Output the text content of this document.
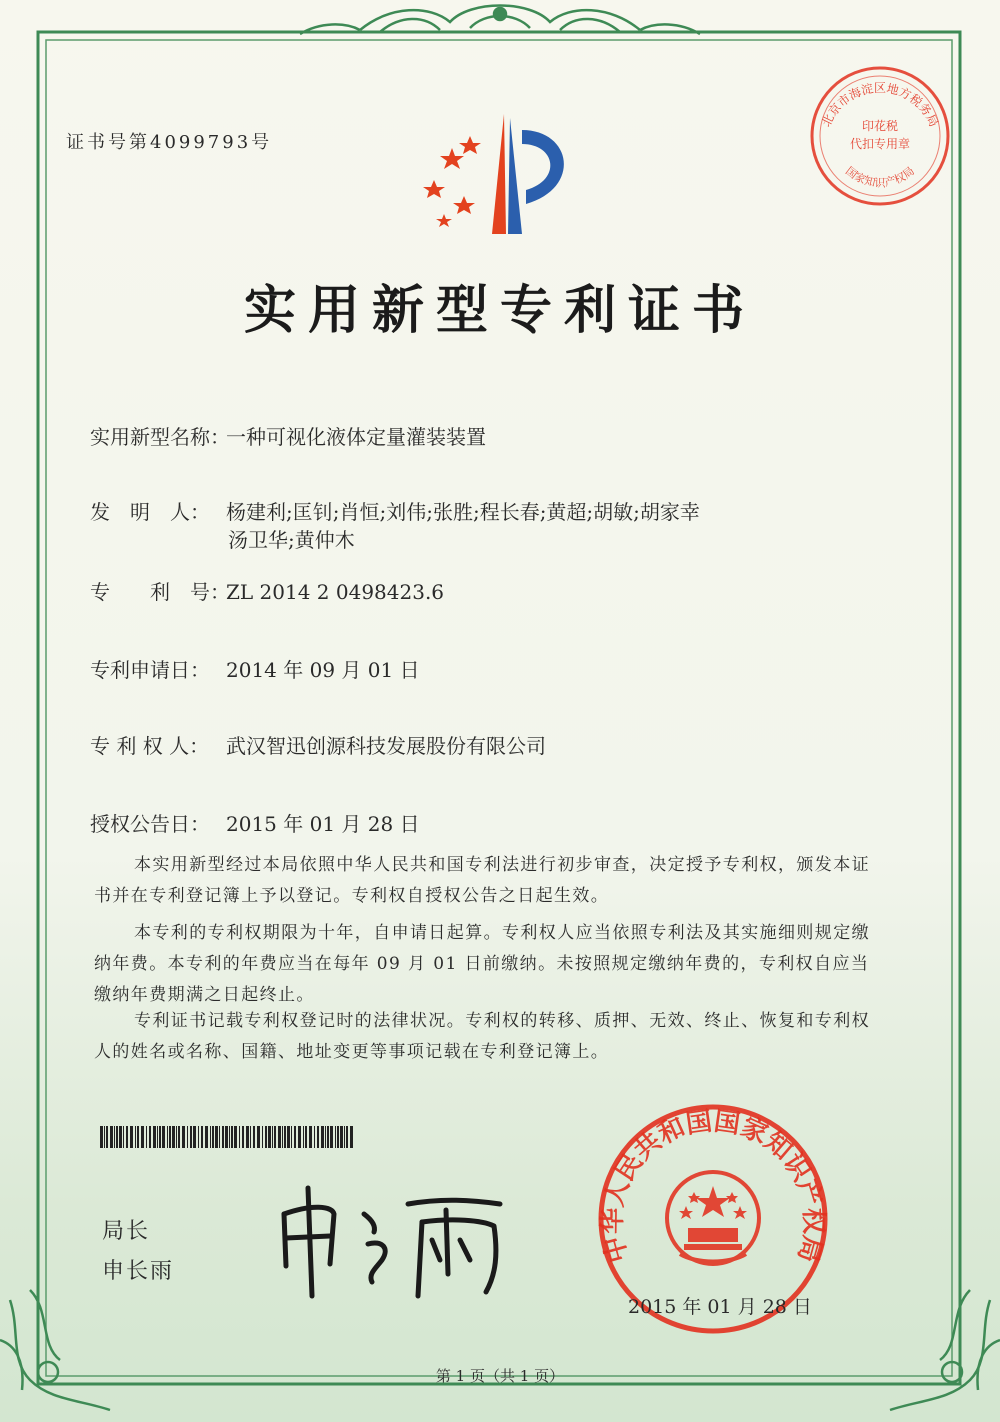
北京市海淀区地方税务局
印花税
代扣专用章
国家知识产权局
证书号第4099793号
实用新型专利证书
实用新型名称：一种可视化液体定量灌装装置
发　明　人： 杨建利;匡钊;肖恒;刘伟;张胜;程长春;黄超;胡敏;胡家幸
汤卫华;黄仲木
专　　利　号：ZL 2014 2 0498423.6
专利申请日： 2014 年 09 月 01 日
专 利 权 人： 武汉智迅创源科技发展股份有限公司
授权公告日： 2015 年 01 月 28 日
本实用新型经过本局依照中华人民共和国专利法进行初步审查，决定授予专利权，颁发本证书并在专利登记簿上予以登记。专利权自授权公告之日起生效。
本专利的专利权期限为十年，自申请日起算。专利权人应当依照专利法及其实施细则规定缴纳年费。本专利的年费应当在每年 09 月 01 日前缴纳。未按照规定缴纳年费的，专利权自应当缴纳年费期满之日起终止。
专利证书记载专利权登记时的法律状况。专利权的转移、质押、无效、终止、恢复和专利权人的姓名或名称、国籍、地址变更等事项记载在专利登记簿上。
局长
申长雨
中华人民共和国国家知识产权局
2015 年 01 月 28 日
第 1 页（共 1 页）
